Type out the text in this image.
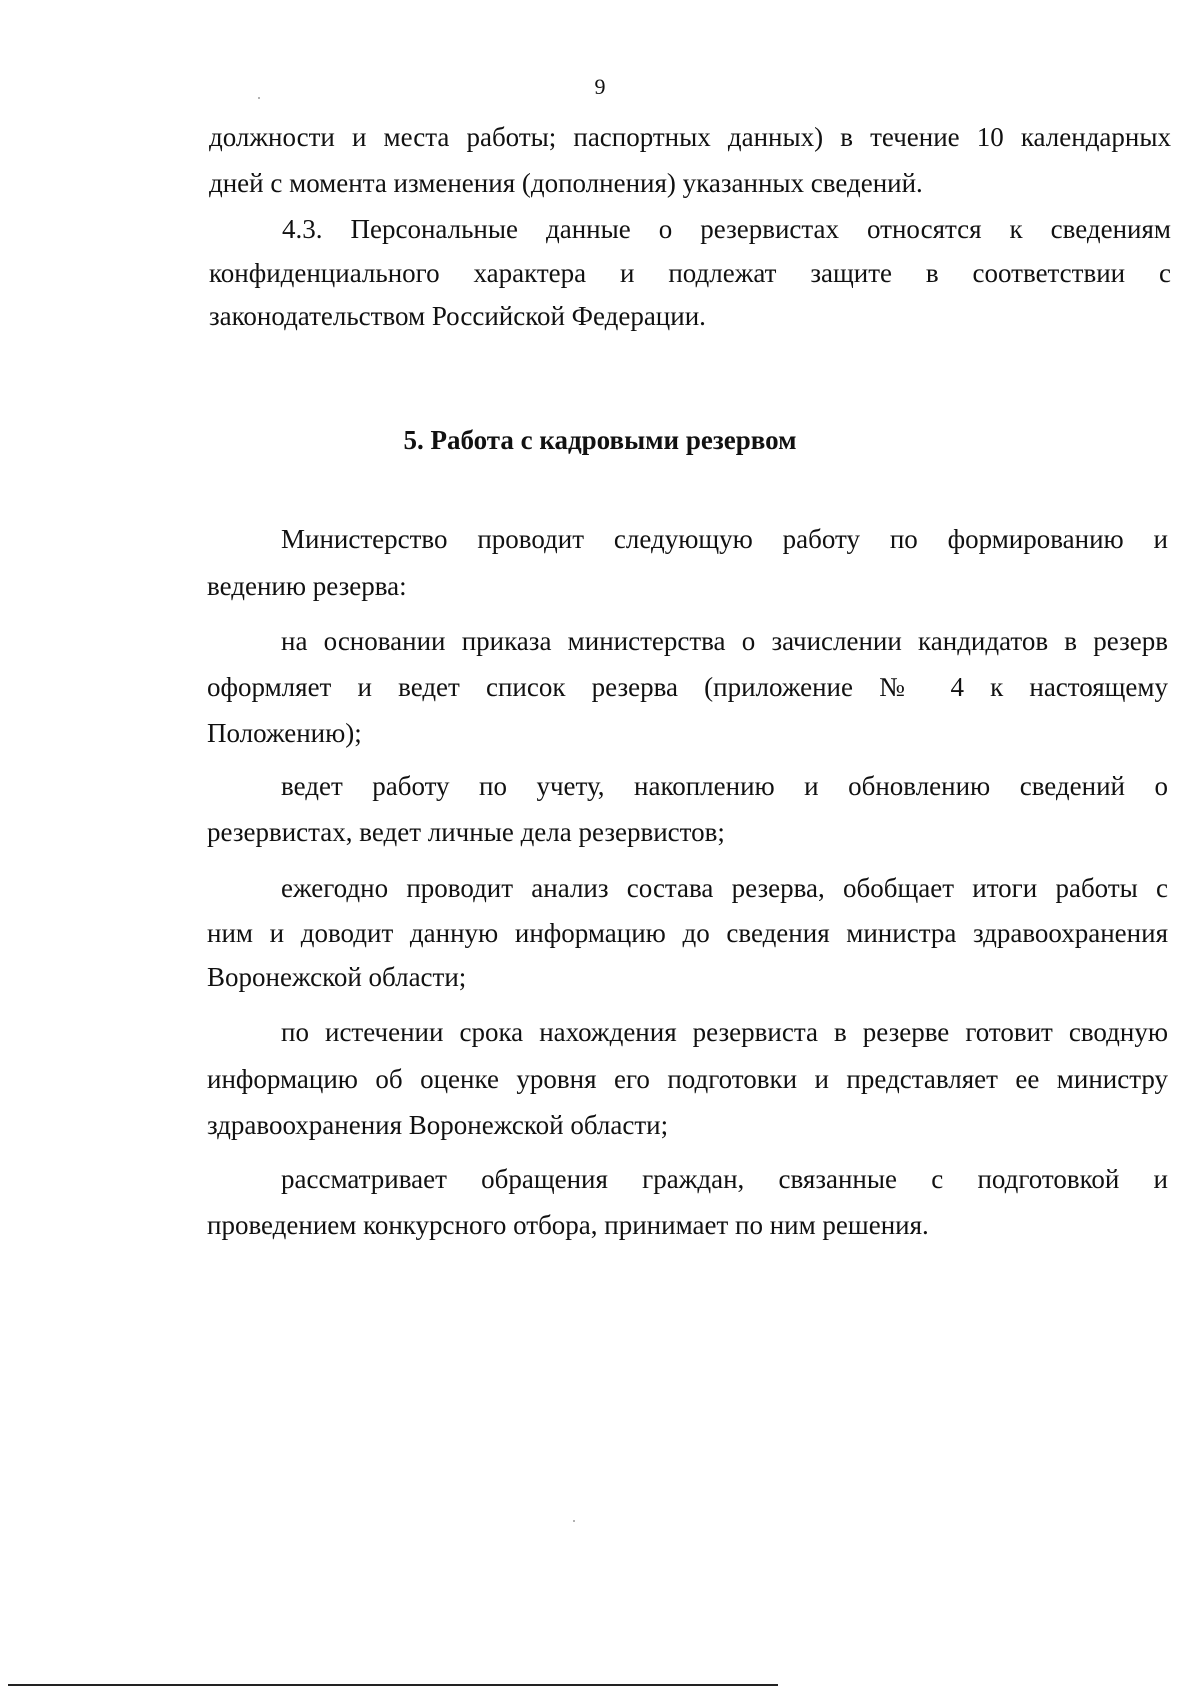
9
должности и места работы; паспортных данных) в течение 10 календарных
дней с момента изменения (дополнения) указанных сведений.
4.3. Персональные данные о резервистах относятся к сведениям
конфиденциального характера и подлежат защите в соответствии с
законодательством Российской Федерации.
5. Работа с кадровыми резервом
Министерство проводит следующую работу по формированию и
ведению резерва:
на основании приказа министерства о зачислении кандидатов в резерв
оформляет и ведет список резерва (приложение № 4 к настоящему
Положению);
ведет работу по учету, накоплению и обновлению сведений о
резервистах, ведет личные дела резервистов;
ежегодно проводит анализ состава резерва, обобщает итоги работы с
ним и доводит данную информацию до сведения министра здравоохранения
Воронежской области;
по истечении срока нахождения резервиста в резерве готовит сводную
информацию об оценке уровня его подготовки и представляет ее министру
здравоохранения Воронежской области;
рассматривает обращения граждан, связанные с подготовкой и
проведением конкурсного отбора, принимает по ним решения.
